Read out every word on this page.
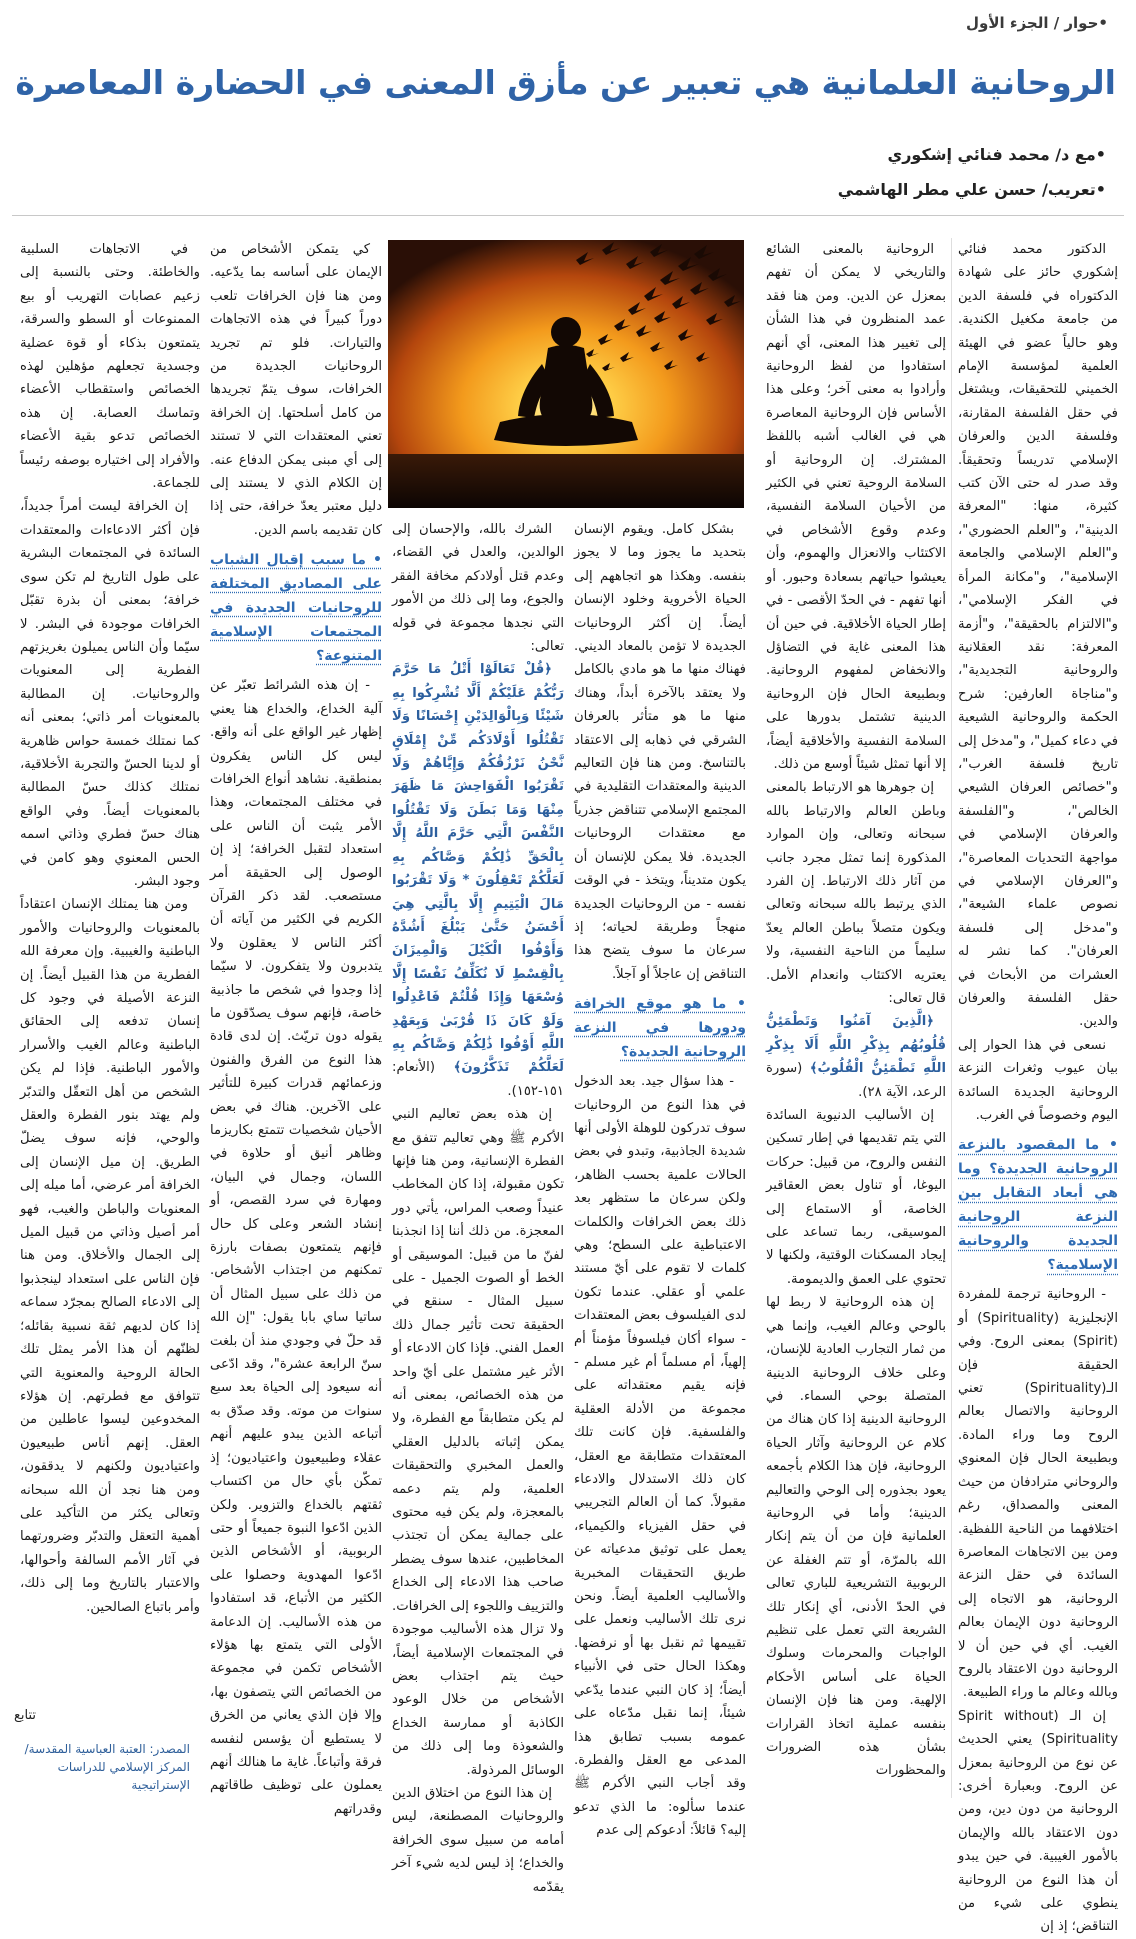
•حوار / الجزء الأول
الروحانية العلمانية هي تعبير عن مأزق المعنى في الحضارة المعاصرة
•مع د/ محمد فنائي إشكوري
•تعريب/ حسن علي مطر الهاشمي

الدكتور محمد فنائي إشكوري حائز على شهادة الدكتوراه في فلسفة الدين من جامعة مكغيل الكندية. وهو حالياً عضو في الهيئة العلمية لمؤسسة الإمام الخميني للتحقيقات، ويشتغل في حقل الفلسفة المقارنة، وفلسفة الدين والعرفان الإسلامي تدريساً وتحقيقاً. وقد صدر له حتى الآن كتب كثيرة، منها: "المعرفة الدينية"، و"العلم الحضوري"، و"العلم الإسلامي والجامعة الإسلامية"، و"مكانة المرأة في الفكر الإسلامي"، و"الالتزام بالحقيقة"، و"أزمة المعرفة: نقد العقلانية والروحانية التجديدية"، و"مناجاة العارفين: شرح الحكمة والروحانية الشيعية في دعاء كميل"، و"مدخل إلى تاريخ فلسفة الغرب"، و"خصائص العرفان الشيعي الخالص"، و"الفلسفة والعرفان الإسلامي في مواجهة التحديات المعاصرة"، و"العرفان الإسلامي في نصوص علماء الشيعة"، و"مدخل إلى فلسفة العرفان". كما نشر له العشرات من الأبحاث في حقل الفلسفة والعرفان والدين.

نسعى في هذا الحوار إلى بيان عيوب وثغرات النزعة الروحانية الجديدة السائدة اليوم وخصوصاً في الغرب.

• ما المقصود بالنزعة الروحانية الجديدة؟ وما هي أبعاد التقابل بين النزعة الروحانية الجديدة والروحانية الإسلامية؟

- الروحانية ترجمة للمفردة الإنجليزية (Spirituality) أو (Spirit) بمعنى الروح. وفي الحقيقة فإن الـ(Spirituality) تعني الروحانية والاتصال بعالم الروح وما وراء المادة. وبطبيعة الحال فإن المعنوي والروحاني مترادفان من حيث المعنى والمصداق، رغم اختلافهما من الناحية اللفظية. ومن بين الاتجاهات المعاصرة السائدة في حقل النزعة الروحانية، هو الاتجاه إلى الروحانية دون الإيمان بعالم الغيب. أي في حين أن لا الروحانية دون الاعتقاد بالروح وبالله وعالم ما وراء الطبيعة.

إن الـ (Spirit without Spirituality) يعني الحديث عن نوع من الروحانية بمعزل عن الروح. وبعبارة أخرى: الروحانية من دون دين، ومن دون الاعتقاد بالله والإيمان بالأمور الغيبية. في حين يبدو أن هذا النوع من الروحانية ينطوي على شيء من التناقض؛ إذ إن

الروحانية بالمعنى الشائع والتاريخي لا يمكن أن تفهم بمعزل عن الدين. ومن هنا فقد عمد المنظرون في هذا الشأن إلى تغيير هذا المعنى، أي أنهم استفادوا من لفظ الروحانية وأرادوا به معنى آخر؛ وعلى هذا الأساس فإن الروحانية المعاصرة هي في الغالب أشبه باللفظ المشترك. إن الروحانية أو السلامة الروحية تعني في الكثير من الأحيان السلامة النفسية، وعدم وقوع الأشخاص في الاكتئاب والانعزال والهموم، وأن يعيشوا حياتهم بسعادة وحبور. أو أنها تفهم - في الحدّ الأقصى - في إطار الحياة الأخلاقية. في حين أن هذا المعنى غاية في التضاؤل والانخفاض لمفهوم الروحانية. وبطبيعة الحال فإن الروحانية الدينية تشتمل بدورها على السلامة النفسية والأخلاقية أيضاً، إلا أنها تمثل شيئاً أوسع من ذلك.

إن جوهرها هو الارتباط بالمعنى وباطن العالم والارتباط بالله سبحانه وتعالى، وإن الموارد المذكورة إنما تمثل مجرد جانب من آثار ذلك الارتباط. إن الفرد الذي يرتبط بالله سبحانه وتعالى ويكون متصلاً بباطن العالم يعدّ سليماً من الناحية النفسية، ولا يعتريه الاكتئاب وانعدام الأمل. قال تعالى:

﴿الَّذِينَ آمَنُوا وَتَطْمَئِنُّ قُلُوبُهُم بِذِكْرِ اللَّهِ أَلَا بِذِكْرِ اللَّهِ تَطْمَئِنُّ الْقُلُوبُ﴾ (سورة الرعد، الآية ٢٨).

إن الأساليب الدنيوية السائدة التي يتم تقديمها في إطار تسكين النفس والروح، من قبيل: حركات اليوغا، أو تناول بعض العقاقير الخاصة، أو الاستماع إلى الموسيقى، ربما تساعد على إيجاد المسكنات الوقتية، ولكنها لا تحتوي على العمق والديمومة.

إن هذه الروحانية لا ربط لها بالوحي وعالم الغيب، وإنما هي من ثمار التجارب العادية للإنسان، وعلى خلاف الروحانية الدينية المتصلة بوحي السماء. في الروحانية الدينية إذا كان هناك من كلام عن الروحانية وآثار الحياة الروحانية، فإن هذا الكلام بأجمعه يعود بجذوره إلى الوحي والتعاليم الدينية؛ وأما في الروحانية العلمانية فإن من أن يتم إنكار الله بالمرّة، أو تتم الغفلة عن الربوبية التشريعية للباري تعالى في الحدّ الأدنى، أي إنكار تلك الشريعة التي تعمل على تنظيم الواجبات والمحرمات وسلوك الحياة على أساس الأحكام الإلهية. ومن هنا فإن الإنسان بنفسه عملية اتخاذ القرارات بشأن هذه الضرورات والمحظورات

بشكل كامل. ويقوم الإنسان بتحديد ما يجوز وما لا يجوز بنفسه. وهكذا هو اتجاههم إلى الحياة الأخروية وخلود الإنسان أيضاً. إن أكثر الروحانيات الجديدة لا تؤمن بالمعاد الديني. فهناك منها ما هو مادي بالكامل ولا يعتقد بالآخرة أبداً، وهناك منها ما هو متأثر بالعرفان الشرقي في ذهابه إلى الاعتقاد بالتناسخ. ومن هنا فإن التعاليم الدينية والمعتقدات التقليدية في المجتمع الإسلامي تتناقض جذرياً مع معتقدات الروحانيات الجديدة. فلا يمكن للإنسان أن يكون متديناً، ويتخذ - في الوقت نفسه - من الروحانيات الجديدة منهجاً وطريقة لحياته؛ إذ سرعان ما سوف يتضح هذا التناقض إن عاجلاً أو آجلاً.

• ما هو موقع الخرافة ودورها في النزعة الروحانية الجديدة؟

- هذا سؤال جيد. بعد الدخول في هذا النوع من الروحانيات سوف تدركون للوهلة الأولى أنها شديدة الجاذبية، وتبدو في بعض الحالات علمية بحسب الظاهر، ولكن سرعان ما ستظهر بعد ذلك بعض الخرافات والكلمات الاعتباطية على السطح؛ وهي كلمات لا تقوم على أيّ مستند علمي أو عقلي. عندما تكون لدى الفيلسوف بعض المعتقدات - سواء أكان فيلسوفاً مؤمناً أم إلهياً، أم مسلماً أم غير مسلم - فإنه يقيم معتقداته على مجموعة من الأدلة العقلية والفلسفية. فإن كانت تلك المعتقدات متطابقة مع العقل، كان ذلك الاستدلال والادعاء مقبولاً. كما أن العالم التجريبي في حقل الفيزياء والكيمياء، يعمل على توثيق مدعياته عن طريق التحقيقات المخبرية والأساليب العلمية أيضاً. ونحن نرى تلك الأساليب ونعمل على تقييمها ثم نقبل بها أو نرفضها. وهكذا الحال حتى في الأنبياء أيضاً؛ إذ كان النبي عندما يدّعي شيئاً، إنما نقبل مدّعاه على عمومه بسبب تطابق هذا المدعى مع العقل والفطرة. وقد أجاب النبي الأكرم ﷺ عندما سألوه: ما الذي تدعو إليه؟ قائلاً: أدعوكم إلى عدم

الشرك بالله، والإحسان إلى الوالدين، والعدل في القضاء، وعدم قتل أولادكم مخافة الفقر والجوع، وما إلى ذلك من الأمور التي نجدها مجموعة في قوله تعالى:

﴿قُلْ تَعَالَوْا أَتْلُ مَا حَرَّمَ رَبُّكُمْ عَلَيْكُمْ أَلَّا تُشْرِكُوا بِهِ شَيْئًا وَبِالْوَالِدَيْنِ إِحْسَانًا وَلَا تَقْتُلُوا أَوْلَادَكُم مِّنْ إِمْلَاقٍ نَّحْنُ نَرْزُقُكُمْ وَإِيَّاهُمْ وَلَا تَقْرَبُوا الْفَوَاحِشَ مَا ظَهَرَ مِنْهَا وَمَا بَطَنَ وَلَا تَقْتُلُوا النَّفْسَ الَّتِي حَرَّمَ اللَّهُ إِلَّا بِالْحَقِّ ذَٰلِكُمْ وَصَّاكُم بِهِ لَعَلَّكُمْ تَعْقِلُونَ * وَلَا تَقْرَبُوا مَالَ الْيَتِيمِ إِلَّا بِالَّتِي هِيَ أَحْسَنُ حَتَّىٰ يَبْلُغَ أَشُدَّهُ وَأَوْفُوا الْكَيْلَ وَالْمِيزَانَ بِالْقِسْطِ لَا نُكَلِّفُ نَفْسًا إِلَّا وُسْعَهَا وَإِذَا قُلْتُمْ فَاعْدِلُوا وَلَوْ كَانَ ذَا قُرْبَىٰ وَبِعَهْدِ اللَّهِ أَوْفُوا ذَٰلِكُمْ وَصَّاكُم بِهِ لَعَلَّكُمْ تَذَكَّرُونَ﴾ (الأنعام: ١٥١-١٥٢).

إن هذه بعض تعاليم النبي الأكرم ﷺ وهي تعاليم تتفق مع الفطرة الإنسانية، ومن هنا فإنها تكون مقبولة، إذا كان المخاطب عنيداً وصعب المراس، يأتي دور المعجزة. من ذلك أننا إذا انجذبنا لفنّ ما من قبيل: الموسيقى أو الخط أو الصوت الجميل - على سبيل المثال - سنقع في الحقيقة تحت تأثير جمال ذلك العمل الفني. فإذا كان الادعاء أو الأثر غير مشتمل على أيّ واحد من هذه الخصائص، بمعنى أنه لم يكن متطابقاً مع الفطرة، ولا يمكن إثباته بالدليل العقلي والعمل المخبري والتحقيقات العلمية، ولم يتم دعمه بالمعجزة، ولم يكن فيه محتوى على جمالية يمكن أن تجتذب المخاطبين، عندها سوف يضطر صاحب هذا الادعاء إلى الخداع والتزييف واللجوء إلى الخرافات. ولا تزال هذه الأساليب موجودة في المجتمعات الإسلامية أيضاً، حيث يتم اجتذاب بعض الأشخاص من خلال الوعود الكاذبة أو ممارسة الخداع والشعوذة وما إلى ذلك من الوسائل المرذولة.

إن هذا النوع من اختلاق الدين والروحانيات المصطنعة، ليس أمامه من سبيل سوى الخرافة والخداع؛ إذ ليس لديه شيء آخر يقدّمه

كي يتمكن الأشخاص من الإيمان على أساسه بما يدّعيه. ومن هنا فإن الخرافات تلعب دوراً كبيراً في هذه الاتجاهات والتيارات. فلو تم تجريد الروحانيات الجديدة من الخرافات، سوف يتمّ تجريدها من كامل أسلحتها. إن الخرافة تعني المعتقدات التي لا تستند إلى أي مبنى يمكن الدفاع عنه. إن الكلام الذي لا يستند إلى دليل معتبر يعدّ خرافة، حتى إذا كان تقديمه باسم الدين.

• ما سبب إقبال الشباب على المصاديق المختلفة للروحانيات الجديدة في المجتمعات الإسلامية المتنوعة؟

- إن هذه الشرائط تعبّر عن آلية الخداع، والخداع هنا يعني إظهار غير الواقع على أنه واقع. ليس كل الناس يفكرون بمنطقية. نشاهد أنواع الخرافات في مختلف المجتمعات، وهذا الأمر يثبت أن الناس على استعداد لتقبل الخرافة؛ إذ إن الوصول إلى الحقيقة أمر مستصعب. لقد ذكر القرآن الكريم في الكثير من آياته أن أكثر الناس لا يعقلون ولا يتدبرون ولا يتفكرون. لا سيّما إذا وجدوا في شخص ما جاذبية خاصة، فإنهم سوف يصدّقون ما يقوله دون تريّث. إن لدى قادة هذا النوع من الفرق والفنون وزعمائهم قدرات كبيرة للتأثير على الآخرين. هناك في بعض الأحيان شخصيات تتمتع بكاريزما وظاهر أنيق أو حلاوة في اللسان، وجمال في البيان، ومهارة في سرد القصص، أو إنشاد الشعر وعلى كل حال فإنهم يتمتعون بصفات بارزة تمكنهم من اجتذاب الأشخاص. من ذلك على سبيل المثال أن ساتيا ساي بابا يقول: "إن الله قد حلّ في وجودي منذ أن بلغت سنّ الرابعة عشرة"، وقد ادّعى أنه سيعود إلى الحياة بعد سبع سنوات من موته. وقد صدّق به أتباعه الذين يبدو عليهم أنهم عقلاء وطبيعيون واعتياديون؛ إذ تمكّن بأي حال من اكتساب ثقتهم بالخداع والتزوير. ولكن الذين ادّعوا النبوة جميعاً أو حتى الربوبية، أو الأشخاص الذين ادّعوا المهدوية وحصلوا على الكثير من الأتباع، قد استفادوا من هذه الأساليب. إن الدعامة الأولى التي يتمتع بها هؤلاء الأشخاص تكمن في مجموعة من الخصائص التي يتصفون بها، وإلا فإن الذي يعاني من الخرق لا يستطيع أن يؤسس لنفسه فرقة وأتباعاً. غاية ما هنالك أنهم يعملون على توظيف طاقاتهم وقدراتهم

في الاتجاهات السلبية والخاطئة. وحتى بالنسبة إلى زعيم عصابات التهريب أو بيع الممنوعات أو السطو والسرقة، يتمتعون بذكاء أو قوة عضلية وجسدية تجعلهم مؤهلين لهذه الخصائص واستقطاب الأعضاء وتماسك العصابة. إن هذه الخصائص تدعو بقية الأعضاء والأفراد إلى اختياره بوصفه رئيساً للجماعة.

إن الخرافة ليست أمراً جديداً، فإن أكثر الادعاءات والمعتقدات السائدة في المجتمعات البشرية على طول التاريخ لم تكن سوى خرافة؛ بمعنى أن بذرة تقبّل الخرافات موجودة في البشر. لا سيّما وأن الناس يميلون بغريزتهم الفطرية إلى المعنويات والروحانيات. إن المطالبة بالمعنويات أمر ذاتي؛ بمعنى أنه كما نمتلك خمسة حواس ظاهرية أو لدينا الحسّ والتجربة الأخلاقية، نمتلك كذلك حسّ المطالبة بالمعنويات أيضاً. وفي الواقع هناك حسّ فطري وذاتي اسمه الحس المعنوي وهو كامن في وجود البشر.

ومن هنا يمتلك الإنسان اعتقاداً بالمعنويات والروحانيات والأمور الباطنية والغيبية. وإن معرفة الله الفطرية من هذا القبيل أيضاً. إن النزعة الأصيلة في وجود كل إنسان تدفعه إلى الحقائق الباطنية وعالم الغيب والأسرار والأمور الباطنية. فإذا لم يكن الشخص من أهل التعقّل والتدبّر ولم يهتد بنور الفطرة والعقل والوحي، فإنه سوف يضلّ الطريق. إن ميل الإنسان إلى الخرافة أمر عرضي، أما ميله إلى المعنويات والباطن والغيب، فهو أمر أصيل وذاتي من قبيل الميل إلى الجمال والأخلاق. ومن هنا فإن الناس على استعداد لينجذبوا إلى الادعاء الصالح بمجرّد سماعه إذا كان لديهم ثقة نسبية بقائله؛ لظنّهم أن هذا الأمر يمثل تلك الحالة الروحية والمعنوية التي تتوافق مع فطرتهم. إن هؤلاء المخدوعين ليسوا عاطلين من العقل. إنهم أناس طبيعيون واعتياديون ولكنهم لا يدققون، ومن هنا نجد أن الله سبحانه وتعالى يكثر من التأكيد على أهمية التعقل والتدبّر وضرورتهما في آثار الأمم السالفة وأحوالها، والاعتبار بالتاريخ وما إلى ذلك، وأمر باتباع الصالحين.

تتابع
المصدر: العتبة العباسية المقدسة/المركز الإسلامي للدراسات الإستراتيجية
